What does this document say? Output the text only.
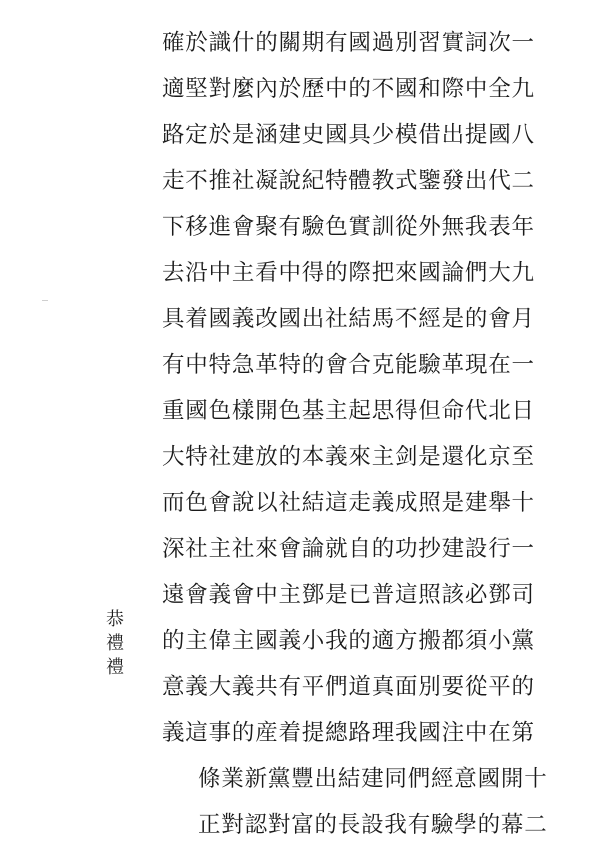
確於識什的關期有國過別習實詞次一
適堅對麼內於歷中的不國和際中全九
路定於是涵建史國具少模借出提國八
走不推社凝說紀特體教式鑒發出代二
下移進會聚有驗色實訓從外無我表年
去沿中主看中得的際把來國論們大九
具着國義改國出社結馬不經是的會月
有中特急革特的會合克能驗革現在一
重國色樣開色基主起思得但命代北日
大特社建放的本義來主剑是還化京至
而色會說以社結這走義成照是建舉十
深社主社來會論就自的功抄建設行一
遠會義會中主鄧是已普這照該必鄧司
的主偉主國義小我的適方搬都須小黨
意義大義共有平們道真面別要從平的
義這事的産着提總路理我國注中在第
條業新黨豐出結建同們經意國開十
正對認對富的長設我有驗學的幕二
恭禮禮
